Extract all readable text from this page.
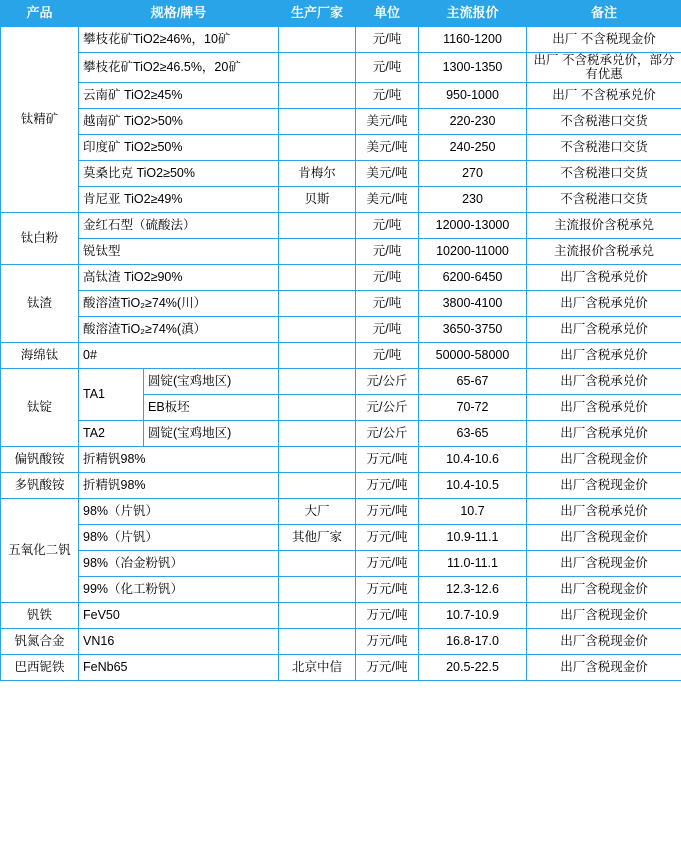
产品	规格/牌号		生产厂家	单位	主流报价	备注
钛精矿	攀枝花矿TiO2≥46%，10矿			元/吨	1160-1200	出厂 不含税现金价
	攀枝花矿TiO2≥46.5%，20矿			元/吨	1300-1350	出厂 不含税承兑价，部分有优惠
	云南矿 TiO2≥45%			元/吨	950-1000	出厂 不含税承兑价
	越南矿 TiO2>50%			美元/吨	220-230	不含税港口交货
	印度矿 TiO2≥50%			美元/吨	240-250	不含税港口交货
	莫桑比克 TiO2≥50%		肯梅尔	美元/吨	270	不含税港口交货
	肯尼亚 TiO2≥49%		贝斯	美元/吨	230	不含税港口交货
钛白粉	金红石型（硫酸法）			元/吨	12000-13000	主流报价含税承兑
	锐钛型			元/吨	10200-11000	主流报价含税承兑
钛渣	高钛渣 TiO2≥90%			元/吨	6200-6450	出厂含税承兑价
	酸溶渣TiO₂≥74%(川）			元/吨	3800-4100	出厂含税承兑价
	酸溶渣TiO₂≥74%(滇）			元/吨	3650-3750	出厂含税承兑价
海绵钛	0#			元/吨	50000-58000	出厂含税承兑价
钛锭	TA1	圆锭(宝鸡地区)		元/公斤	65-67	出厂含税承兑价
		EB板坯		元/公斤	70-72	出厂含税承兑价
	TA2	圆锭(宝鸡地区)		元/公斤	63-65	出厂含税承兑价
偏钒酸铵	折精钒98%			万元/吨	10.4-10.6	出厂含税现金价
多钒酸铵	折精钒98%			万元/吨	10.4-10.5	出厂含税现金价
五氧化二钒	98%（片钒）		大厂	万元/吨	10.7	出厂含税承兑价
	98%（片钒）		其他厂家	万元/吨	10.9-11.1	出厂含税现金价
	98%（冶金粉钒）			万元/吨	11.0-11.1	出厂含税现金价
	99%（化工粉钒）			万元/吨	12.3-12.6	出厂含税现金价
钒铁	FeV50			万元/吨	10.7-10.9	出厂含税现金价
钒氮合金	VN16			万元/吨	16.8-17.0	出厂含税现金价
巴西铌铁	FeNb65		北京中信	万元/吨	20.5-22.5	出厂含税现金价
